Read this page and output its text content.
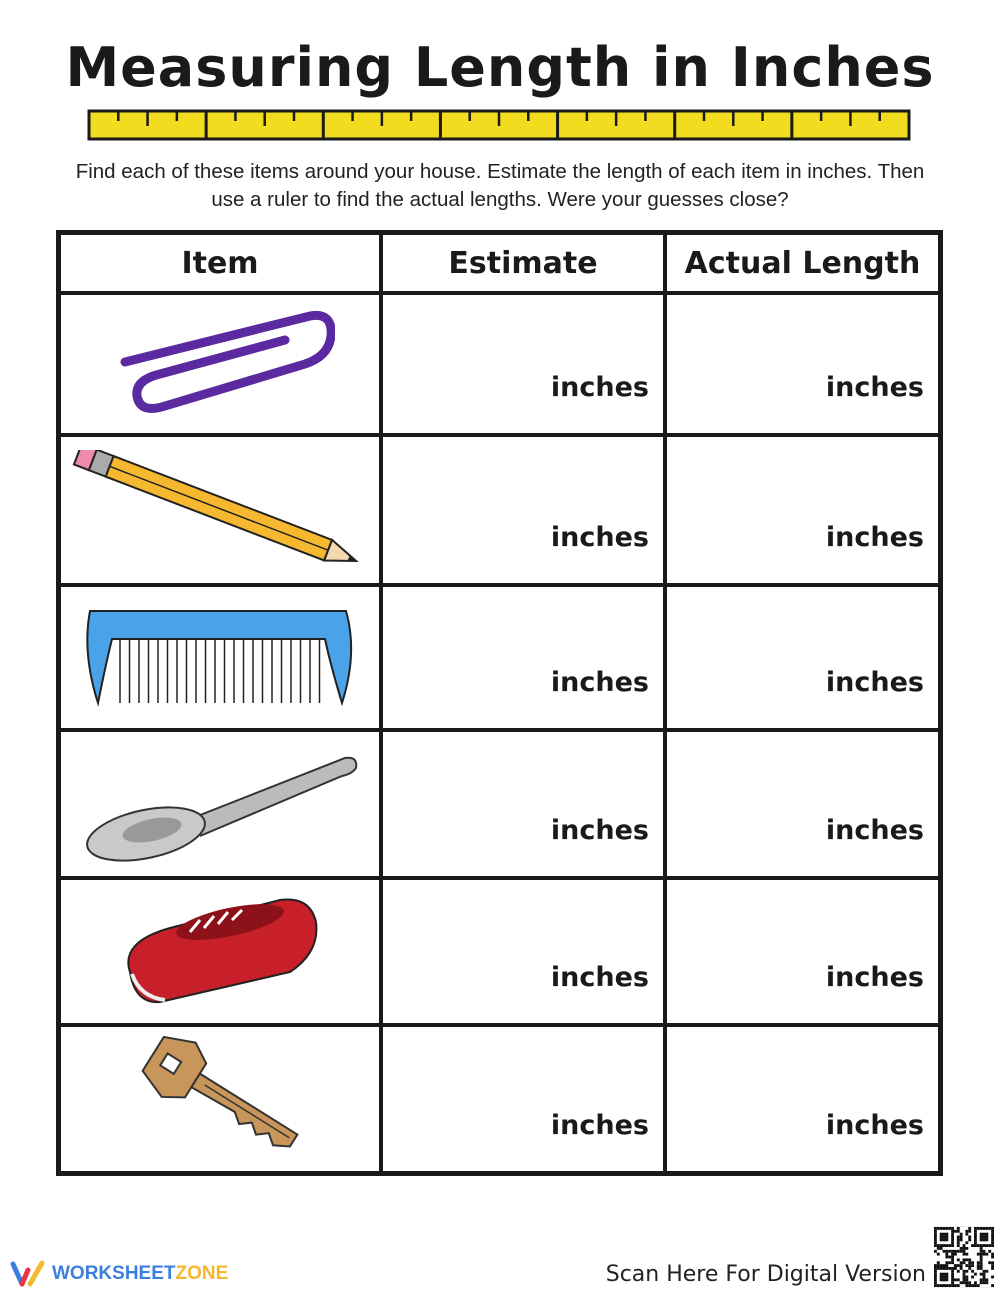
Measuring Length in Inches
Find each of these items around your house. Estimate the length of each item in inches. Then use a ruler to find the actual lengths. Were your guesses close?
Item	Estimate	Actual Length

	inches	inches

	inches	inches

	inches	inches

	inches	inches

	inches	inches

	inches	inches
WORKSHEET ZONE	Scan Here For Digital Version
